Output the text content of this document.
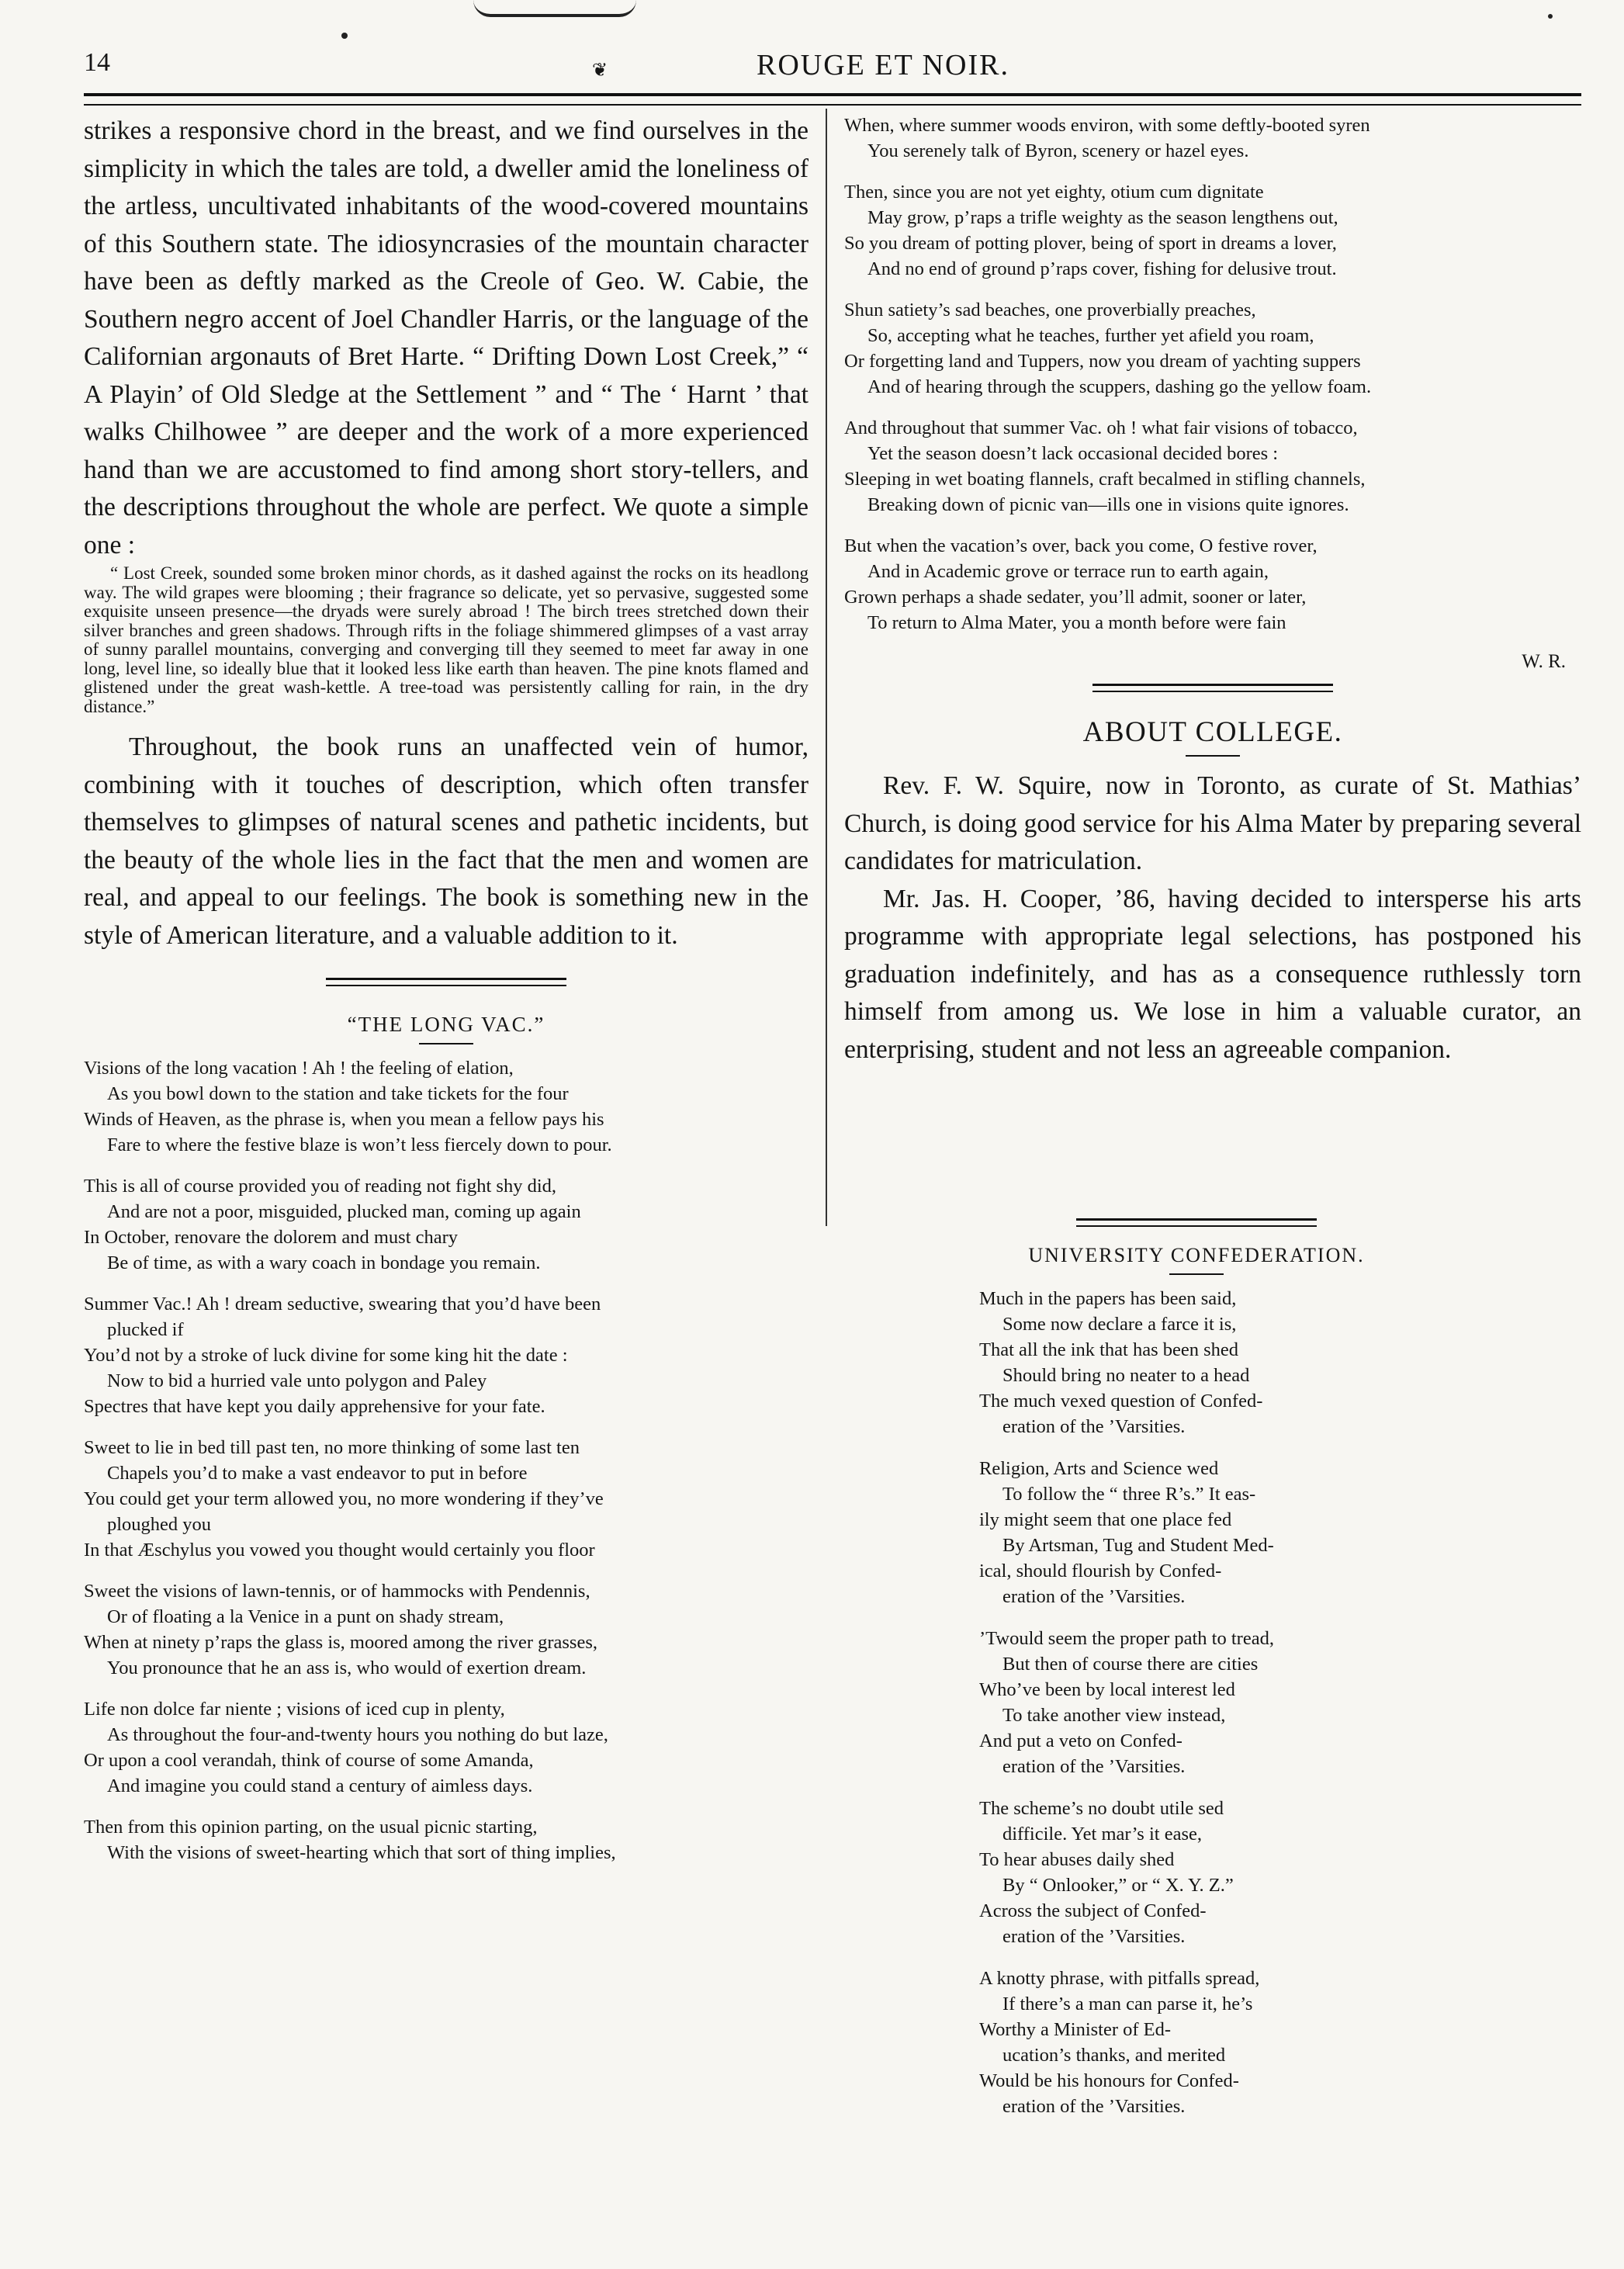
14	❦	ROUGE ET NOIR.

strikes a responsive chord in the breast, and we find ourselves in the simplicity in which the tales are told, a dweller amid the loneliness of the artless, uncultivated inhabitants of the wood-covered mountains of this Southern state. The idiosyncrasies of the mountain character have been as deftly marked as the Creole of Geo. W. Cabie, the Southern negro accent of Joel Chandler Harris, or the language of the Californian argonauts of Bret Harte. “ Drifting Down Lost Creek,” “ A Playin’ of Old Sledge at the Settlement ” and “ The ‘ Harnt ’ that walks Chilhowee ” are deeper and the work of a more experienced hand than we are accustomed to find among short story-tellers, and the descriptions throughout the whole are perfect. We quote a simple one :

“ Lost Creek, sounded some broken minor chords, as it dashed against the rocks on its headlong way. The wild grapes were blooming ; their fragrance so delicate, yet so pervasive, suggested some exquisite unseen presence—the dryads were surely abroad ! The birch trees stretched down their silver branches and green shadows. Through rifts in the foliage shimmered glimpses of a vast array of sunny parallel mountains, converging and converging till they seemed to meet far away in one long, level line, so ideally blue that it looked less like earth than heaven. The pine knots flamed and glistened under the great wash-kettle. A tree-toad was persistently calling for rain, in the dry distance.”

Throughout, the book runs an unaffected vein of humor, combining with it touches of description, which often transfer themselves to glimpses of natural scenes and pathetic incidents, but the beauty of the whole lies in the fact that the men and women are real, and appeal to our feelings. The book is something new in the style of American literature, and a valuable addition to it.

“THE LONG VAC.”
Visions of the long vacation ! Ah ! the feeling of elation,
As you bowl down to the station and take tickets for the four
Winds of Heaven, as the phrase is, when you mean a fellow pays his
Fare to where the festive blaze is won’t less fiercely down to pour.
This is all of course provided you of reading not fight shy did,
And are not a poor, misguided, plucked man, coming up again
In October, renovare the dolorem and must chary
Be of time, as with a wary coach in bondage you remain.
Summer Vac.! Ah ! dream seductive, swearing that you’d have been
plucked if
You’d not by a stroke of luck divine for some king hit the date :
Now to bid a hurried vale unto polygon and Paley
Spectres that have kept you daily apprehensive for your fate.
Sweet to lie in bed till past ten, no more thinking of some last ten
Chapels you’d to make a vast endeavor to put in before
You could get your term allowed you, no more wondering if they’ve
ploughed you
In that Æschylus you vowed you thought would certainly you floor
Sweet the visions of lawn-tennis, or of hammocks with Pendennis,
Or of floating a la Venice in a punt on shady stream,
When at ninety p’raps the glass is, moored among the river grasses,
You pronounce that he an ass is, who would of exertion dream.
Life non dolce far niente ; visions of iced cup in plenty,
As throughout the four-and-twenty hours you nothing do but laze,
Or upon a cool verandah, think of course of some Amanda,
And imagine you could stand a century of aimless days.
Then from this opinion parting, on the usual picnic starting,
With the visions of sweet-hearting which that sort of thing implies,
When, where summer woods environ, with some deftly-booted syren
You serenely talk of Byron, scenery or hazel eyes.
Then, since you are not yet eighty, otium cum dignitate
May grow, p’raps a trifle weighty as the season lengthens out,
So you dream of potting plover, being of sport in dreams a lover,
And no end of ground p’raps cover, fishing for delusive trout.
Shun satiety’s sad beaches, one proverbially preaches,
So, accepting what he teaches, further yet afield you roam,
Or forgetting land and Tuppers, now you dream of yachting suppers
And of hearing through the scuppers, dashing go the yellow foam.
And throughout that summer Vac. oh ! what fair visions of tobacco,
Yet the season doesn’t lack occasional decided bores :
Sleeping in wet boating flannels, craft becalmed in stifling channels,
Breaking down of picnic van—ills one in visions quite ignores.
But when the vacation’s over, back you come, O festive rover,
And in Academic grove or terrace run to earth again,
Grown perhaps a shade sedater, you’ll admit, sooner or later,
To return to Alma Mater, you a month before were fain
W. R.
ABOUT COLLEGE.

Rev. F. W. Squire, now in Toronto, as curate of St. Mathias’ Church, is doing good service for his Alma Mater by preparing several candidates for matriculation.

Mr. Jas. H. Cooper, ’86, having decided to intersperse his arts programme with appropriate legal selections, has postponed his graduation indefinitely, and has as a consequence ruthlessly torn himself from among us. We lose in him a valuable curator, an enterprising, student and not less an agreeable companion.

UNIVERSITY CONFEDERATION.

Much in the papers has been said,
Some now declare a farce it is,
That all the ink that has been shed
Should bring no neater to a head
The much vexed question of Confed-
eration of the ’Varsities.
Religion, Arts and Science wed
To follow the “ three R’s.” It eas-
ily might seem that one place fed
By Artsman, Tug and Student Med-
ical, should flourish by Confed-
eration of the ’Varsities.
’Twould seem the proper path to tread,
But then of course there are cities
Who’ve been by local interest led
To take another view instead,
And put a veto on Confed-
eration of the ’Varsities.
The scheme’s no doubt utile sed
difficile. Yet mar’s it ease,
To hear abuses daily shed
By “ Onlooker,” or “ X. Y. Z.”
Across the subject of Confed-
eration of the ’Varsities.
A knotty phrase, with pitfalls spread,
If there’s a man can parse it, he’s
Worthy a Minister of Ed-
ucation’s thanks, and merited
Would be his honours for Confed-
eration of the ’Varsities.
